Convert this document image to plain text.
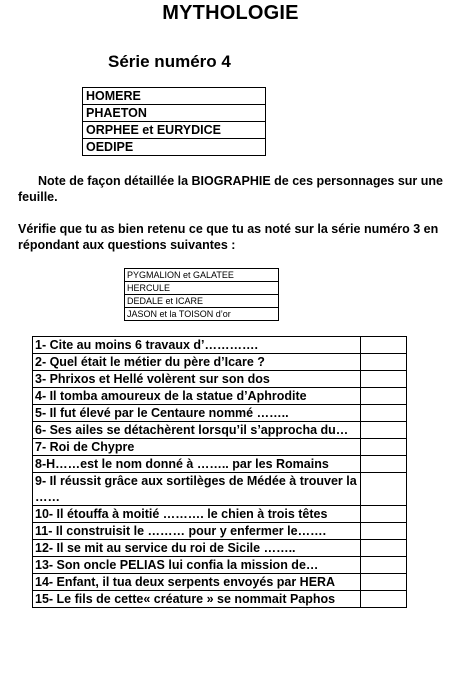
MYTHOLOGIE
Série numéro 4
HOMERE
PHAETON
ORPHEE et EURYDICE
OEDIPE
Note de façon détaillée la BIOGRAPHIE de ces personnages sur une feuille.
Vérifie que tu as bien retenu ce que tu as noté sur la série numéro 3 en répondant aux questions suivantes :
PYGMALION et GALATEE
HERCULE
DEDALE et ICARE
JASON et la TOISON d’or
1- Cite au moins 6 travaux d’………….	
2- Quel était le métier du père d’Icare ?	
3- Phrixos et Hellé volèrent sur son dos	
4- Il tomba amoureux de la statue d’Aphrodite	
5- Il fut élevé par le Centaure nommé ……..	
6- Ses ailes se détachèrent lorsqu’il s’approcha du…	
7- Roi de Chypre	
8-H……est le nom donné à …….. par les Romains	
9- Il réussit grâce aux sortilèges de Médée à trouver la ……	
10- Il étouffa à moitié ………. le chien à trois têtes	
11- Il construisit le ……… pour y enfermer le…….	
12- Il se mit au service du roi de Sicile ……..	
13- Son oncle PELIAS lui confia la mission de…	
14- Enfant, il tua deux serpents envoyés par HERA	
15- Le fils de cette« créature » se nommait Paphos	
